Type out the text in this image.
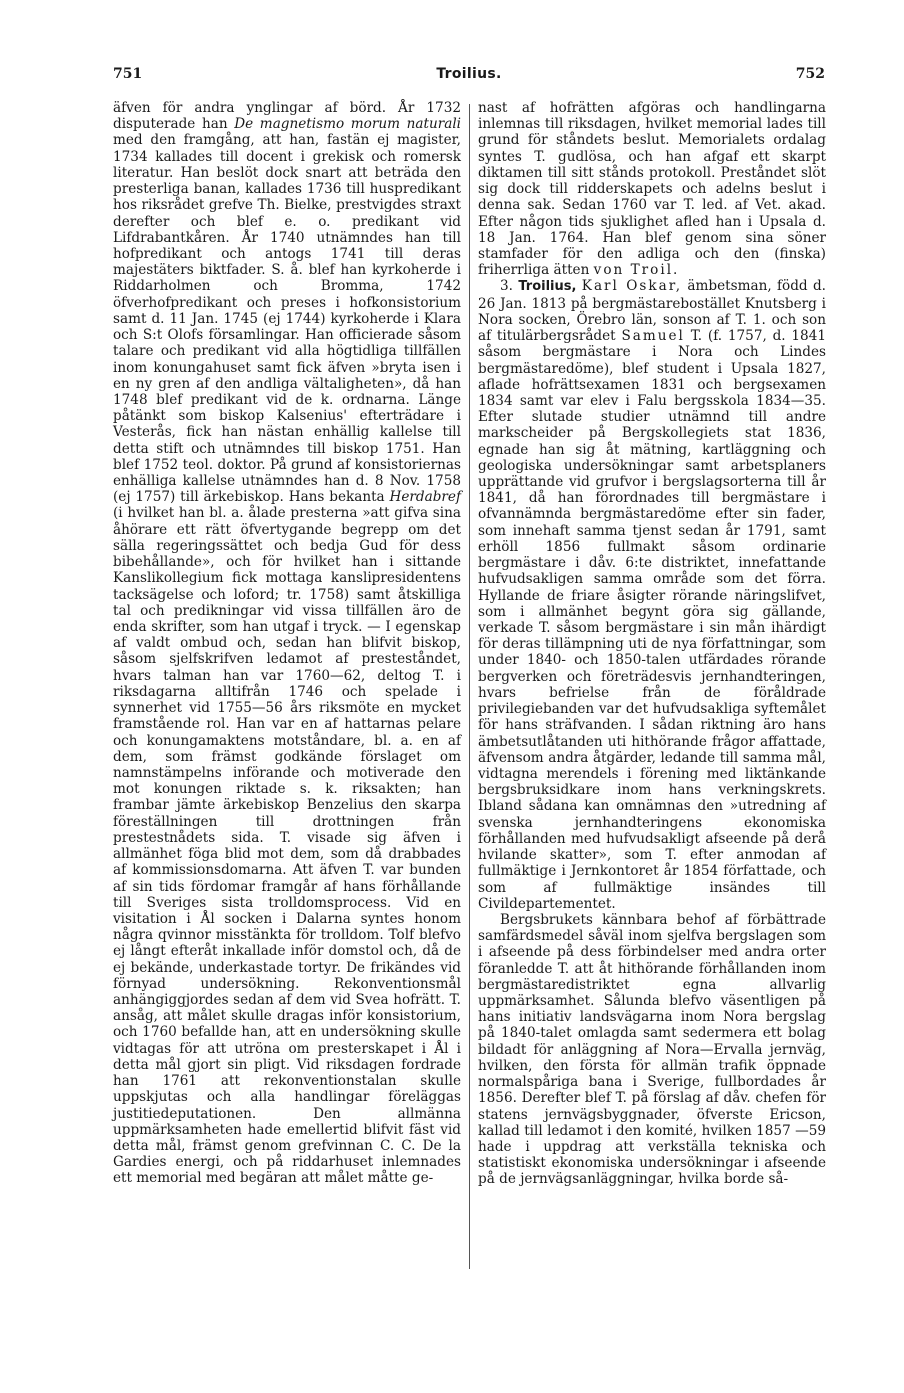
751	Troilius.	752

äfven för andra ynglingar af börd. År 1732 disputerade han De magnetismo morum naturali med den framgång, att han, fastän ej magister, 1734 kallades till docent i grekisk och romersk literatur. Han beslöt dock snart att beträda den presterliga banan, kallades 1736 till huspredikant hos riksrådet grefve Th. Bielke, prestvigdes straxt derefter och blef e. o. predikant vid Lifdrabantkåren. År 1740 utnämndes han till hofpredikant och antogs 1741 till deras majestäters biktfader. S. å. blef han kyrkoherde i Riddarholmen och Bromma, 1742 öfverhofpredikant och preses i hofkonsistorium samt d. 11 Jan. 1745 (ej 1744) kyrkoherde i Klara och S:t Olofs församlingar. Han officierade såsom talare och predikant vid alla högtidliga tillfällen inom konungahuset samt fick äfven »bryta isen i en ny gren af den andliga vältaligheten», då han 1748 blef predikant vid de k. ordnarna. Länge påtänkt som biskop Kalsenius' efterträdare i Vesterås, fick han nästan enhällig kallelse till detta stift och utnämndes till biskop 1751. Han blef 1752 teol. doktor. På grund af konsistoriernas enhälliga kallelse utnämndes han d. 8 Nov. 1758 (ej 1757) till ärkebiskop. Hans bekanta Herdabref (i hvilket han bl. a. ålade presterna »att gifva sina åhörare ett rätt öfvertygande begrepp om det sälla regeringssättet och bedja Gud för dess bibehållande», och för hvilket han i sittande Kanslikollegium fick mottaga kanslipresidentens tacksägelse och loford; tr. 1758) samt åtskilliga tal och predikningar vid vissa tillfällen äro de enda skrifter, som han utgaf i tryck. — I egenskap af valdt ombud och, sedan han blifvit biskop, såsom sjelfskrifven ledamot af presteståndet, hvars talman han var 1760—62, deltog T. i riksdagarna alltifrån 1746 och spelade i synnerhet vid 1755—56 års riksmöte en mycket framstående rol. Han var en af hattarnas pelare och konungamaktens motståndare, bl. a. en af dem, som främst godkände förslaget om namnstämpelns införande och motiverade den mot konungen riktade s. k. riksakten; han frambar jämte ärkebiskop Benzelius den skarpa föreställningen till drottningen från prestestnådets sida. T. visade sig äfven i allmänhet föga blid mot dem, som då drabbades af kommissionsdomarna. Att äfven T. var bunden af sin tids fördomar framgår af hans förhållande till Sveriges sista trolldomsprocess. Vid en visitation i Ål socken i Dalarna syntes honom några qvinnor misstänkta för trolldom. Tolf blefvo ej långt efteråt inkallade inför domstol och, då de ej bekände, underkastade tortyr. De frikändes vid förnyad undersökning. Rekonventionsmål anhängiggjordes sedan af dem vid Svea hofrätt. T. ansåg, att målet skulle dragas inför konsistorium, och 1760 befallde han, att en undersökning skulle vidtagas för att utröna om presterskapet i Ål i detta mål gjort sin pligt. Vid riksdagen fordrade han 1761 att rekonventionstalan skulle uppskjutas och alla handlingar föreläggas justitiedeputationen. Den allmänna uppmärksamheten hade emellertid blifvit fäst vid detta mål, främst genom grefvinnan C. C. De la Gardies energi, och på riddarhuset inlemnades ett memorial med begäran att målet måtte ge-

nast af hofrätten afgöras och handlingarna inlemnas till riksdagen, hvilket memorial lades till grund för ståndets beslut. Memorialets ordalag syntes T. gudlösa, och han afgaf ett skarpt diktamen till sitt stånds protokoll. Preståndet slöt sig dock till ridderskapets och adelns beslut i denna sak. Sedan 1760 var T. led. af Vet. akad. Efter någon tids sjuklighet afled han i Upsala d. 18 Jan. 1764. Han blef genom sina söner stamfader för den adliga och den (finska) friherrliga ätten von Troil.

3. Troilius, Karl Oskar, ämbetsman, född d. 26 Jan. 1813 på bergmästarebostället Knutsberg i Nora socken, Örebro län, sonson af T. 1. och son af titulärbergsrådet Samuel T. (f. 1757, d. 1841 såsom bergmästare i Nora och Lindes bergmästaredöme), blef student i Upsala 1827, aflade hofrättsexamen 1831 och bergsexamen 1834 samt var elev i Falu bergsskola 1834—35. Efter slutade studier utnämnd till andre markscheider på Bergskollegiets stat 1836, egnade han sig åt mätning, kartläggning och geologiska undersökningar samt arbetsplaners upprättande vid grufvor i bergslagsorterna till år 1841, då han förordnades till bergmästare i ofvannämnda bergmästaredöme efter sin fader, som innehaft samma tjenst sedan år 1791, samt erhöll 1856 fullmakt såsom ordinarie bergmästare i dåv. 6:te distriktet, innefattande hufvudsakligen samma område som det förra. Hyllande de friare åsigter rörande näringslifvet, som i allmänhet begynt göra sig gällande, verkade T. såsom bergmästare i sin mån ihärdigt för deras tillämpning uti de nya författningar, som under 1840- och 1850-talen utfärdades rörande bergverken och företrädesvis jernhandteringen, hvars befrielse från de föråldrade privilegiebanden var det hufvudsakliga syftemålet för hans sträfvanden. I sådan riktning äro hans ämbetsutlåtanden uti hithörande frågor affattade, äfvensom andra åtgärder, ledande till samma mål, vidtagna merendels i förening med liktänkande bergsbruksidkare inom hans verkningskrets. Ibland sådana kan omnämnas den »utredning af svenska jernhandteringens ekonomiska förhållanden med hufvudsakligt afseende på derå hvilande skatter», som T. efter anmodan af fullmäktige i Jernkontoret år 1854 författade, och som af fullmäktige insändes till Civildepartementet.

Bergsbrukets kännbara behof af förbättrade samfärdsmedel såväl inom sjelfva bergslagen som i afseende på dess förbindelser med andra orter föranledde T. att åt hithörande förhållanden inom bergmästaredistriktet egna allvarlig uppmärksamhet. Sålunda blefvo väsentligen på hans initiativ landsvägarna inom Nora bergslag på 1840-talet omlagda samt sedermera ett bolag bildadt för anläggning af Nora—Ervalla jernväg, hvilken, den första för allmän trafik öppnade normalspåriga bana i Sverige, fullbordades år 1856. Derefter blef T. på förslag af dåv. chefen för statens jernvägsbyggnader, öfverste Ericson, kallad till ledamot i den komité, hvilken 1857 —59 hade i uppdrag att verkställa tekniska och statistiskt ekonomiska undersökningar i afseende på de jernvägsanläggningar, hvilka borde så-
